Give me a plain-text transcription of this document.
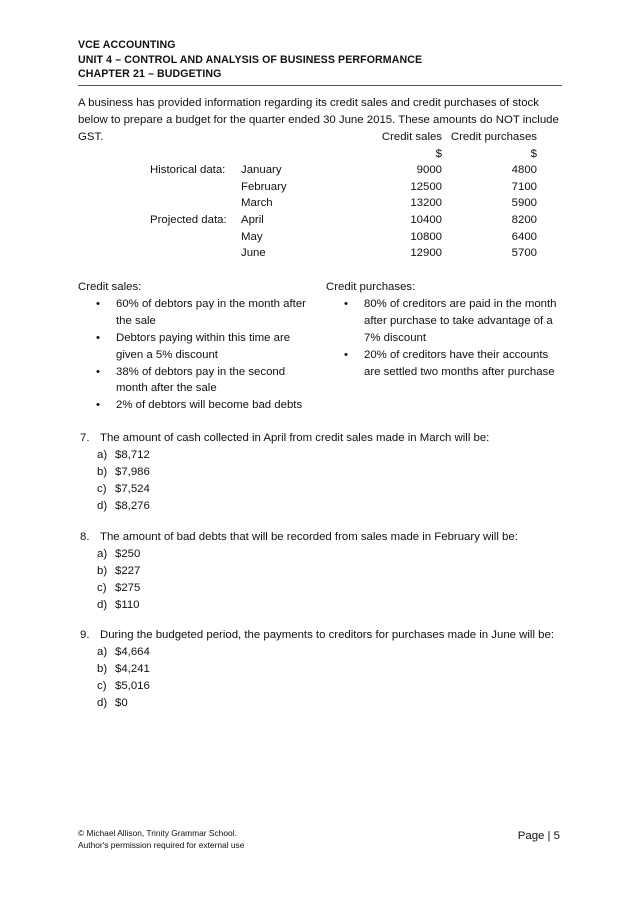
VCE ACCOUNTING
UNIT 4 – CONTROL AND ANALYSIS OF BUSINESS PERFORMANCE
CHAPTER 21 – BUDGETING

A business has provided information regarding its credit sales and credit purchases of stock below to prepare a budget for the quarter ended 30 June 2015. These amounts do NOT include GST.

			Credit sales	Credit purchases
		$	$
Historical data:	January	9000	4800
	February	12500	7100
	March	13200	5900
Projected data:	April	10400	8200
	May	10800	6400
	June	12900	5700

Credit sales:

• 60% of debtors pay in the month after the sale
• Debtors paying within this time are given a 5% discount
• 38% of debtors pay in the second month after the sale
• 2% of debtors will become bad debts

Credit purchases:

• 80% of creditors are paid in the month after purchase to take advantage of a 7% discount
• 20% of creditors have their accounts are settled two months after purchase

7. The amount of cash collected in April from credit sales made in March will be:

a) $8,712
b) $7,986
c) $7,524
d) $8,276

8. The amount of bad debts that will be recorded from sales made in February will be:

a) $250
b) $227
c) $275
d) $110

9. During the budgeted period, the payments to creditors for purchases made in June will be:

a) $4,664
b) $4,241
c) $5,016
d) $0
© Michael Allison, Trinity Grammar School.
Author's permission required for external use
Page | 5
